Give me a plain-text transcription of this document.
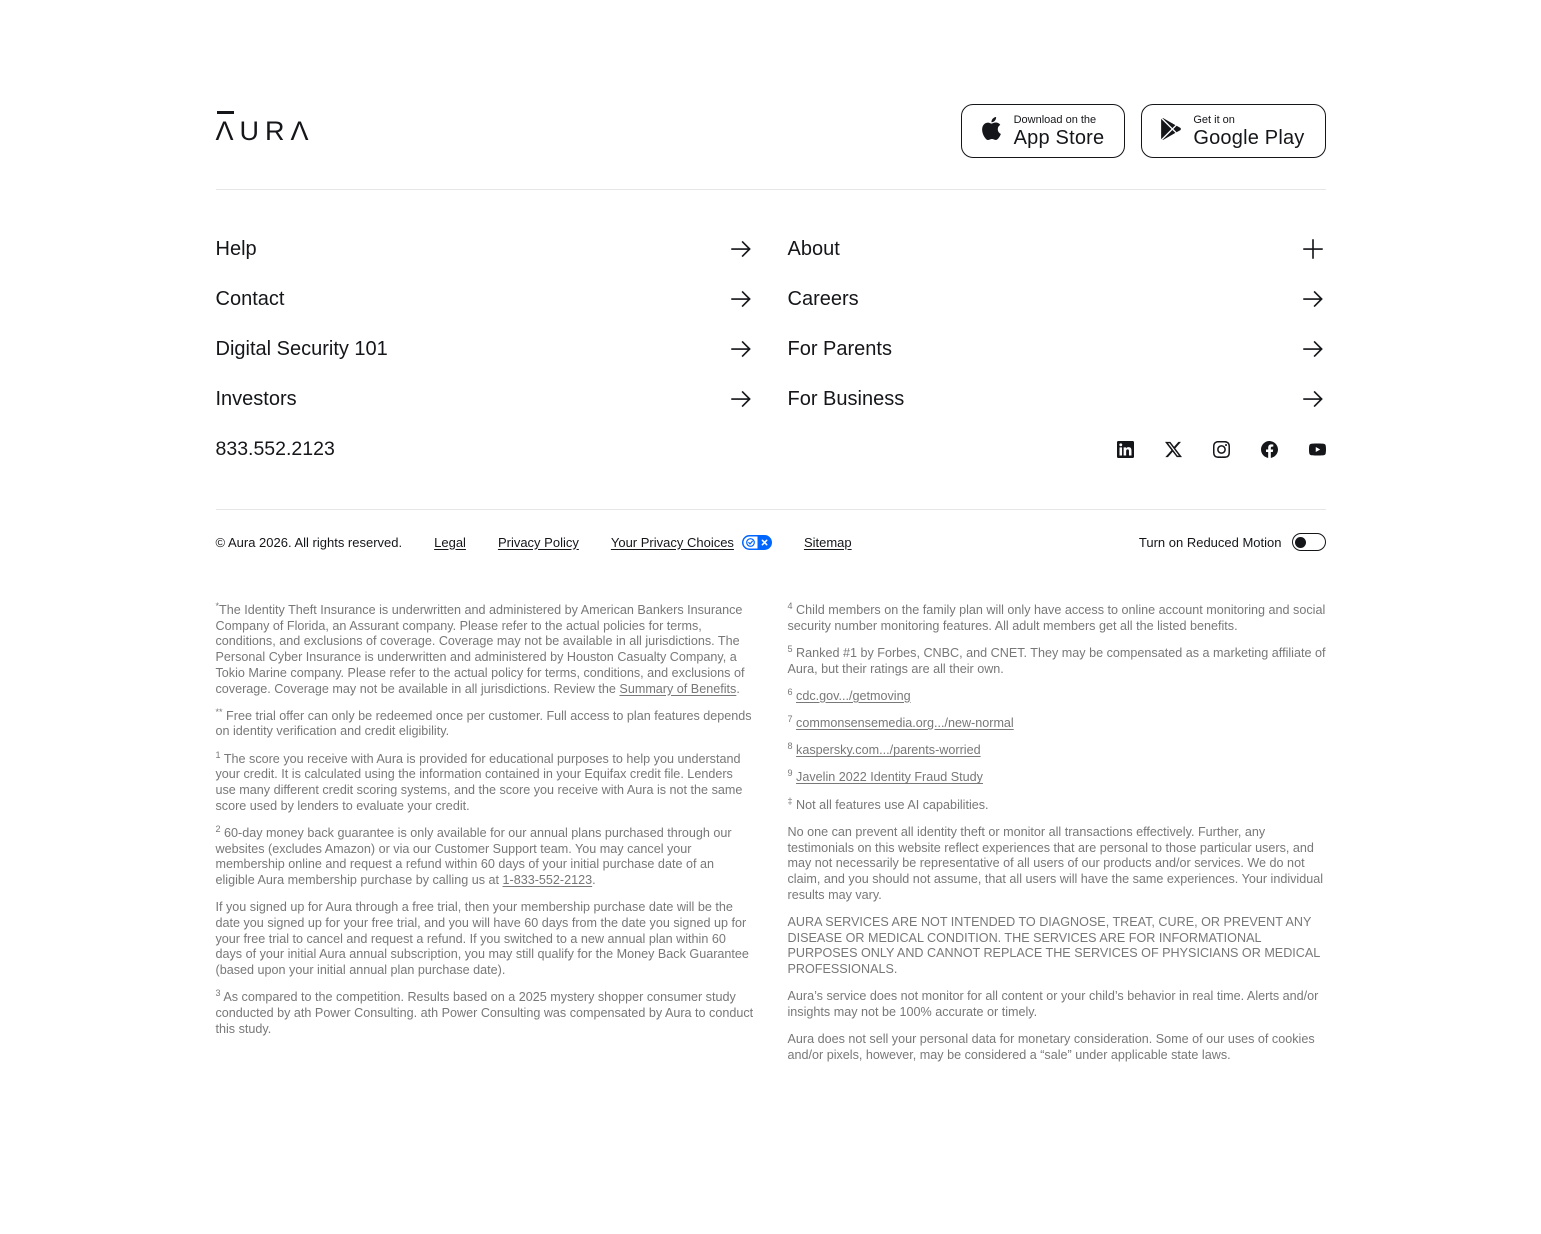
ΛURΛ	Download on the
App Store
Get it on
Google Play
Help
Contact
Digital Security 101
Investors
833.552.2123
About
Careers
For Parents
For Business
© Aura 2026. All rights reserved. Legal Privacy Policy Your Privacy Choices	Sitemap	Turn on Reduced Motion

*The Identity Theft Insurance is underwritten and administered by American Bankers Insurance Company of Florida, an Assurant company. Please refer to the actual policies for terms, conditions, and exclusions of coverage. Coverage may not be available in all jurisdictions. The Personal Cyber Insurance is underwritten and administered by Houston Casualty Company, a Tokio Marine company. Please refer to the actual policy for terms, conditions, and exclusions of coverage. Coverage may not be available in all jurisdictions. Review the Summary of Benefits.

** Free trial offer can only be redeemed once per customer. Full access to plan features depends on identity verification and credit eligibility.

$^1$ The score you receive with Aura is provided for educational purposes to help you understand your credit. It is calculated using the information contained in your Equifax credit file. Lenders use many different credit scoring systems, and the score you receive with Aura is not the same score used by lenders to evaluate your credit.

$^2$ 60-day money back guarantee is only available for our annual plans purchased through our websites (excludes Amazon) or via our Customer Support team. You may cancel your membership online and request a refund within 60 days of your initial purchase date of an eligible Aura membership purchase by calling us at 1-833-552-2123.

If you signed up for Aura through a free trial, then your membership purchase date will be the date you signed up for your free trial, and you will have 60 days from the date you signed up for your free trial to cancel and request a refund. If you switched to a new annual plan within 60 days of your initial Aura annual subscription, you may still qualify for the Money Back Guarantee (based upon your initial annual plan purchase date).

$^3$ As compared to the competition. Results based on a 2025 mystery shopper consumer study conducted by ath Power Consulting. ath Power Consulting was compensated by Aura to conduct this study.

$^4$ Child members on the family plan will only have access to online account monitoring and social security number monitoring features. All adult members get all the listed benefits.

$^5$ Ranked #1 by Forbes, CNBC, and CNET. They may be compensated as a marketing affiliate of Aura, but their ratings are all their own.

$^6$ cdc.gov.../getmoving

$^7$ commonsensemedia.org.../new-normal

$^8$ kaspersky.com.../parents-worried

$^9$ Javelin 2022 Identity Fraud Study

‡ Not all features use AI capabilities.

No one can prevent all identity theft or monitor all transactions effectively. Further, any testimonials on this website reflect experiences that are personal to those particular users, and may not necessarily be representative of all users of our products and/or services. We do not claim, and you should not assume, that all users will have the same experiences. Your individual results may vary.

AURA SERVICES ARE NOT INTENDED TO DIAGNOSE, TREAT, CURE, OR PREVENT ANY DISEASE OR MEDICAL CONDITION. THE SERVICES ARE FOR INFORMATIONAL PURPOSES ONLY AND CANNOT REPLACE THE SERVICES OF PHYSICIANS OR MEDICAL PROFESSIONALS.

Aura’s service does not monitor for all content or your child’s behavior in real time. Alerts and/or insights may not be 100% accurate or timely.

Aura does not sell your personal data for monetary consideration. Some of our uses of cookies and/or pixels, however, may be considered a “sale” under applicable state laws.
